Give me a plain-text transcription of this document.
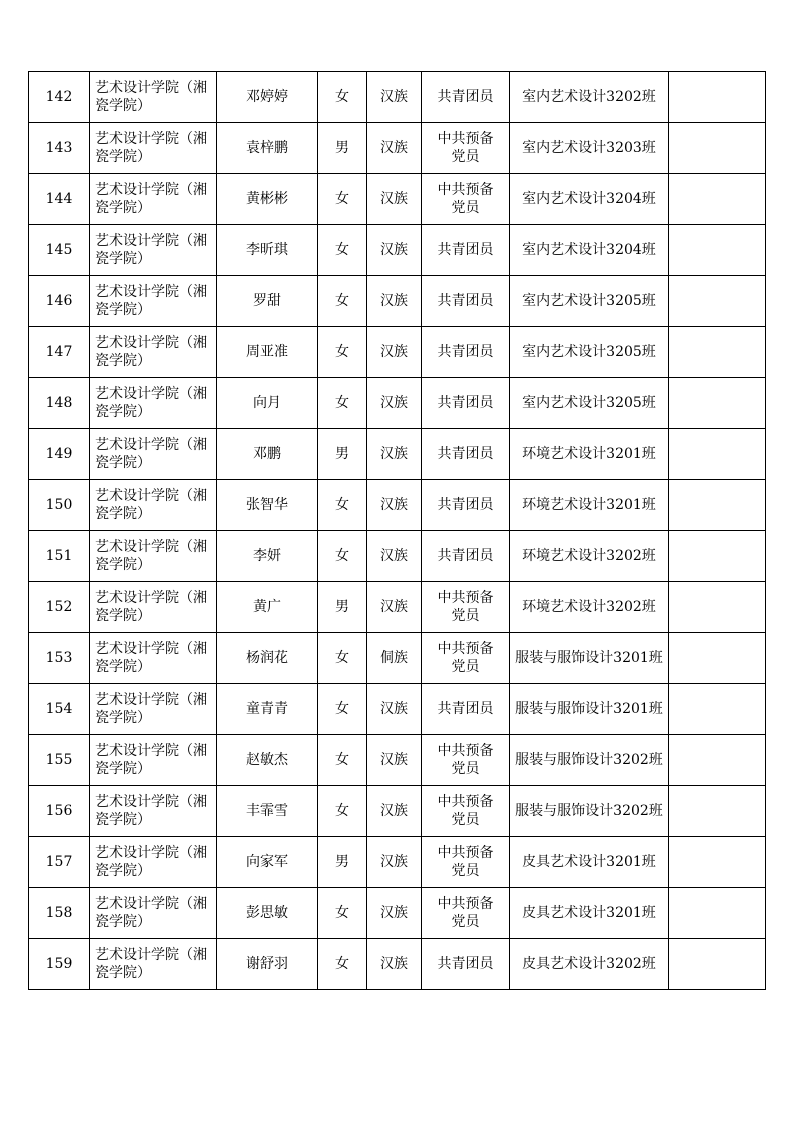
142	艺术设计学院（湘瓷学院）	邓婷婷	女	汉族	共青团员	室内艺术设计3202班	
143	艺术设计学院（湘瓷学院）	袁梓鹏	男	汉族	中共预备党员	室内艺术设计3203班	
144	艺术设计学院（湘瓷学院）	黄彬彬	女	汉族	中共预备党员	室内艺术设计3204班	
145	艺术设计学院（湘瓷学院）	李昕琪	女	汉族	共青团员	室内艺术设计3204班	
146	艺术设计学院（湘瓷学院）	罗甜	女	汉族	共青团员	室内艺术设计3205班	
147	艺术设计学院（湘瓷学院）	周亚准	女	汉族	共青团员	室内艺术设计3205班	
148	艺术设计学院（湘瓷学院）	向月	女	汉族	共青团员	室内艺术设计3205班	
149	艺术设计学院（湘瓷学院）	邓鹏	男	汉族	共青团员	环境艺术设计3201班	
150	艺术设计学院（湘瓷学院）	张智华	女	汉族	共青团员	环境艺术设计3201班	
151	艺术设计学院（湘瓷学院）	李妍	女	汉族	共青团员	环境艺术设计3202班	
152	艺术设计学院（湘瓷学院）	黄广	男	汉族	中共预备党员	环境艺术设计3202班	
153	艺术设计学院（湘瓷学院）	杨润花	女	侗族	中共预备党员	服装与服饰设计3201班	
154	艺术设计学院（湘瓷学院）	童青青	女	汉族	共青团员	服装与服饰设计3201班	
155	艺术设计学院（湘瓷学院）	赵敏杰	女	汉族	中共预备党员	服装与服饰设计3202班	
156	艺术设计学院（湘瓷学院）	丰霏雪	女	汉族	中共预备党员	服装与服饰设计3202班	
157	艺术设计学院（湘瓷学院）	向家军	男	汉族	中共预备党员	皮具艺术设计3201班	
158	艺术设计学院（湘瓷学院）	彭思敏	女	汉族	中共预备党员	皮具艺术设计3201班	
159	艺术设计学院（湘瓷学院）	谢舒羽	女	汉族	共青团员	皮具艺术设计3202班	
